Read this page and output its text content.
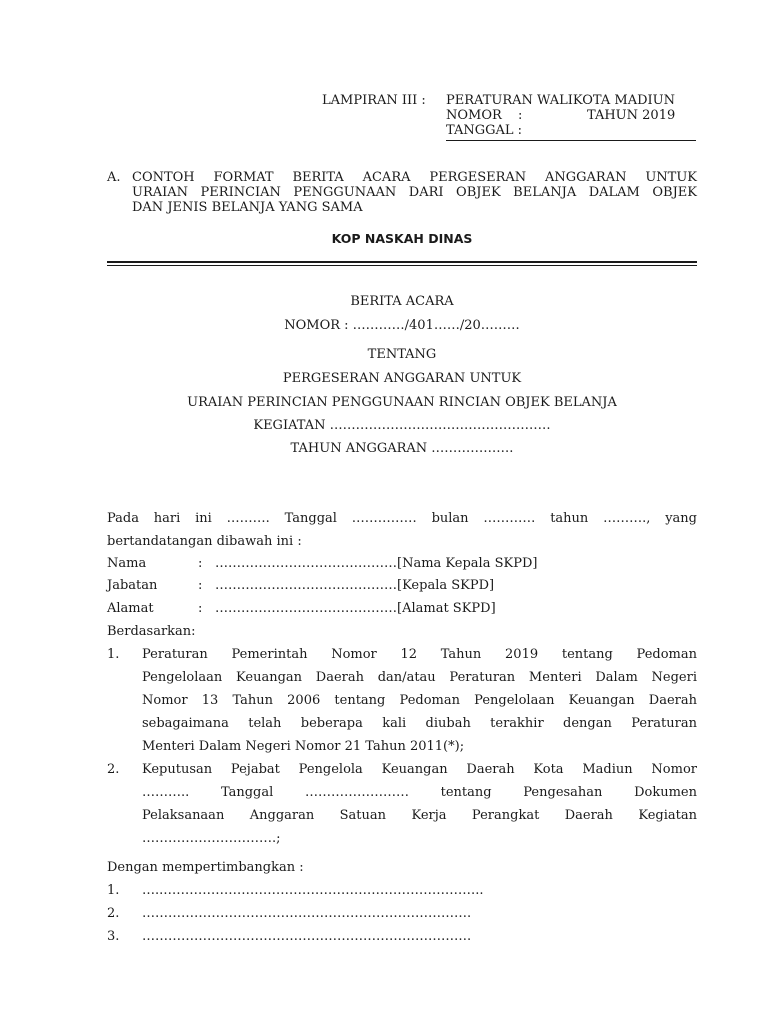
LAMPIRAN III : PERATURAN WALIKOTA MADIUN
NOMOR :	TAHUN 2019
TANGGAL :
A. CONTOH FORMAT BERITA ACARA PERGESERAN ANGGARAN UNTUK
URAIAN PERINCIAN PENGGUNAAN DARI OBJEK BELANJA DALAM OBJEK
DAN JENIS BELANJA YANG SAMA
KOP NASKAH DINAS
BERITA ACARA
NOMOR : …………/401……/20………
TENTANG
PERGESERAN ANGGARAN UNTUK
URAIAN PERINCIAN PENGGUNAAN RINCIAN OBJEK BELANJA
KEGIATAN ……………………………………………
TAHUN ANGGARAN ……………….
Pada hari ini ………. Tanggal …………… bulan ………… tahun ………., yang
bertandatangan dibawah ini :
Nama	: ……………………………………[Nama Kepala SKPD]
Jabatan	: ……………………………………[Kepala SKPD]
Alamat	: ……………………………………[Alamat SKPD]
Berdasarkan:
1. Peraturan Pemerintah Nomor 12 Tahun 2019 tentang Pedoman
Pengelolaan Keuangan Daerah dan/atau Peraturan Menteri Dalam Negeri
Nomor 13 Tahun 2006 tentang Pedoman Pengelolaan Keuangan Daerah
sebagaimana telah beberapa kali diubah terakhir dengan Peraturan
Menteri Dalam Negeri Nomor 21 Tahun 2011(*);
2. Keputusan Pejabat Pengelola Keuangan Daerah Kota Madiun Nomor
……….. Tanggal …………………… tentang Pengesahan Dokumen
Pelaksanaan Anggaran Satuan Kerja Perangkat Daerah Kegiatan
………………………….;
Dengan mempertimbangkan :
1. …..………………………………………………………………..
2. ………………………………………………………………….
3. ………………………………………………………………….
